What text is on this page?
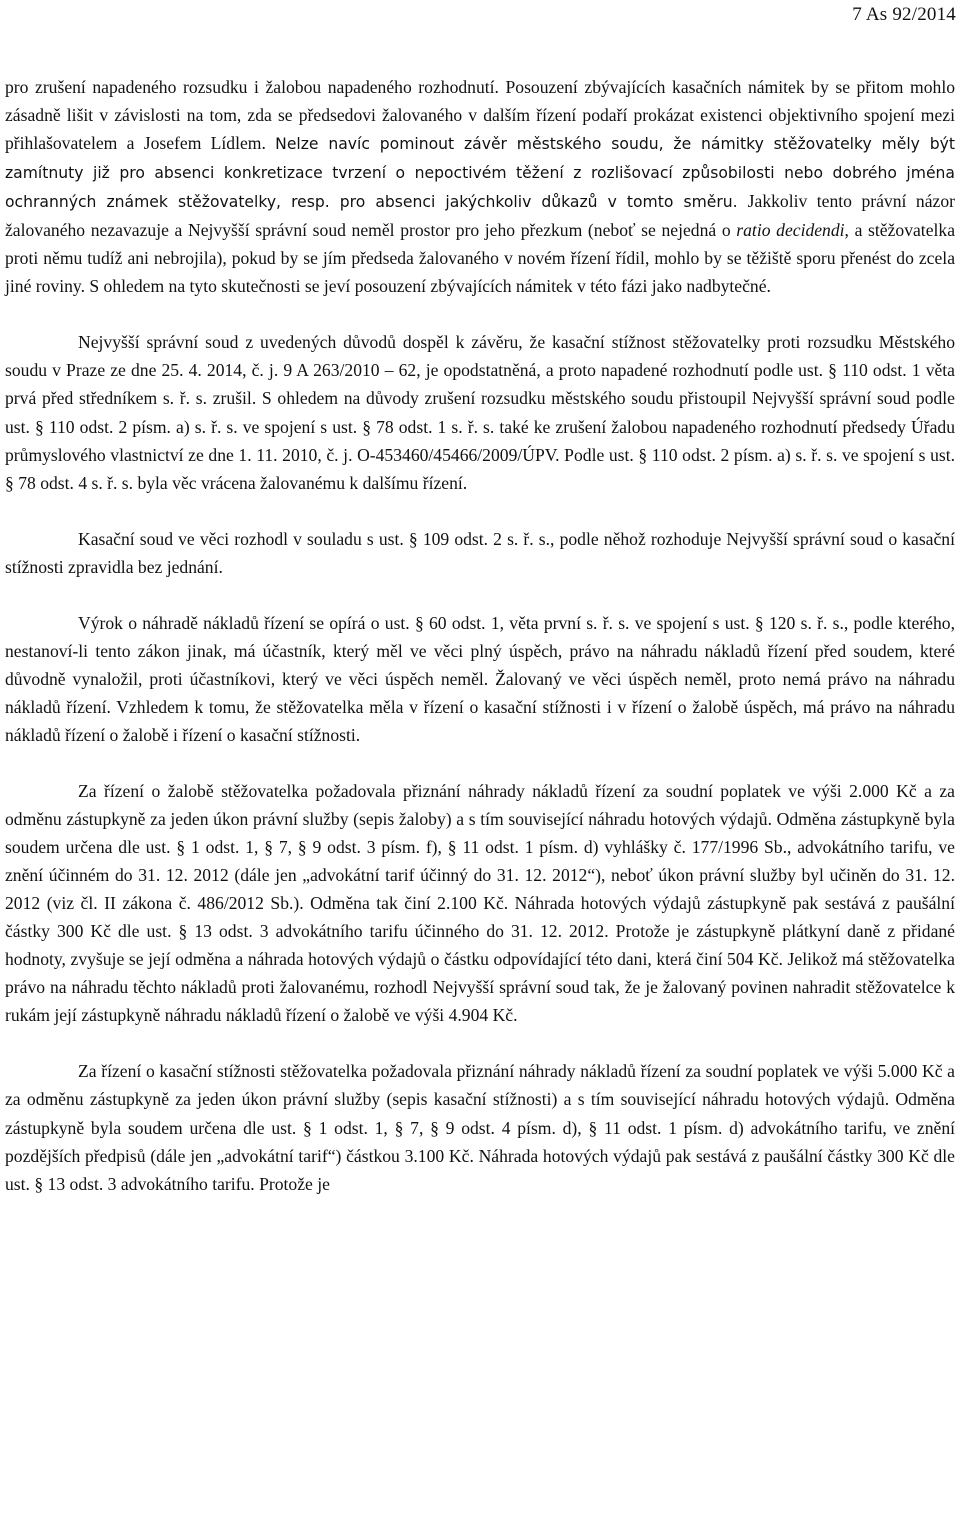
7 As 92/2014

pro zrušení napadeného rozsudku i žalobou napadeného rozhodnutí. Posouzení zbývajících kasačních námitek by se přitom mohlo zásadně lišit v závislosti na tom, zda se předsedovi žalovaného v dalším řízení podaří prokázat existenci objektivního spojení mezi přihlašovatelem a Josefem Lídlem. Nelze navíc pominout závěr městského soudu, že námitky stěžovatelky měly být zamítnuty již pro absenci konkretizace tvrzení o nepoctivém těžení z rozlišovací způsobilosti nebo dobrého jména ochranných známek stěžovatelky, resp. pro absenci jakýchkoliv důkazů v tomto směru. Jakkoliv tento právní názor žalovaného nezavazuje a Nejvyšší správní soud neměl prostor pro jeho přezkum (neboť se nejedná o ratio decidendi, a stěžovatelka proti němu tudíž ani nebrojila), pokud by se jím předseda žalovaného v novém řízení řídil, mohlo by se těžiště sporu přenést do zcela jiné roviny. S ohledem na tyto skutečnosti se jeví posouzení zbývajících námitek v této fázi jako nadbytečné.

Nejvyšší správní soud z uvedených důvodů dospěl k závěru, že kasační stížnost stěžovatelky proti rozsudku Městského soudu v Praze ze dne 25. 4. 2014, č. j. 9 A 263/2010 – 62, je opodstatněná, a proto napadené rozhodnutí podle ust. § 110 odst. 1 věta prvá před středníkem s. ř. s. zrušil. S ohledem na důvody zrušení rozsudku městského soudu přistoupil Nejvyšší správní soud podle ust. § 110 odst. 2 písm. a) s. ř. s. ve spojení s ust. § 78 odst. 1 s. ř. s. také ke zrušení žalobou napadeného rozhodnutí předsedy Úřadu průmyslového vlastnictví ze dne 1. 11. 2010, č. j. O-453460/45466/2009/ÚPV. Podle ust. § 110 odst. 2 písm. a) s. ř. s. ve spojení s ust. § 78 odst. 4 s. ř. s. byla věc vrácena žalovanému k dalšímu řízení.

Kasační soud ve věci rozhodl v souladu s ust. § 109 odst. 2 s. ř. s., podle něhož rozhoduje Nejvyšší správní soud o kasační stížnosti zpravidla bez jednání.

Výrok o náhradě nákladů řízení se opírá o ust. § 60 odst. 1, věta první s. ř. s. ve spojení s ust. § 120 s. ř. s., podle kterého, nestanoví-li tento zákon jinak, má účastník, který měl ve věci plný úspěch, právo na náhradu nákladů řízení před soudem, které důvodně vynaložil, proti účastníkovi, který ve věci úspěch neměl. Žalovaný ve věci úspěch neměl, proto nemá právo na náhradu nákladů řízení. Vzhledem k tomu, že stěžovatelka měla v řízení o kasační stížnosti i v řízení o žalobě úspěch, má právo na náhradu nákladů řízení o žalobě i řízení o kasační stížnosti.

Za řízení o žalobě stěžovatelka požadovala přiznání náhrady nákladů řízení za soudní poplatek ve výši 2.000 Kč a za odměnu zástupkyně za jeden úkon právní služby (sepis žaloby) a s tím související náhradu hotových výdajů. Odměna zástupkyně byla soudem určena dle ust. § 1 odst. 1, § 7, § 9 odst. 3 písm. f), § 11 odst. 1 písm. d) vyhlášky č. 177/1996 Sb., advokátního tarifu, ve znění účinném do 31. 12. 2012 (dále jen „advokátní tarif účinný do 31. 12. 2012“), neboť úkon právní služby byl učiněn do 31. 12. 2012 (viz čl. II zákona č. 486/2012 Sb.). Odměna tak činí 2.100 Kč. Náhrada hotových výdajů zástupkyně pak sestává z paušální částky 300 Kč dle ust. § 13 odst. 3 advokátního tarifu účinného do 31. 12. 2012. Protože je zástupkyně plátkyní daně z přidané hodnoty, zvyšuje se její odměna a náhrada hotových výdajů o částku odpovídající této dani, která činí 504 Kč. Jelikož má stěžovatelka právo na náhradu těchto nákladů proti žalovanému, rozhodl Nejvyšší správní soud tak, že je žalovaný povinen nahradit stěžovatelce k rukám její zástupkyně náhradu nákladů řízení o žalobě ve výši 4.904 Kč.

Za řízení o kasační stížnosti stěžovatelka požadovala přiznání náhrady nákladů řízení za soudní poplatek ve výši 5.000 Kč a za odměnu zástupkyně za jeden úkon právní služby (sepis kasační stížnosti) a s tím související náhradu hotových výdajů. Odměna zástupkyně byla soudem určena dle ust. § 1 odst. 1, § 7, § 9 odst. 4 písm. d), § 11 odst. 1 písm. d) advokátního tarifu, ve znění pozdějších předpisů (dále jen „advokátní tarif“) částkou 3.100 Kč. Náhrada hotových výdajů pak sestává z paušální částky 300 Kč dle ust. § 13 odst. 3 advokátního tarifu. Protože je
